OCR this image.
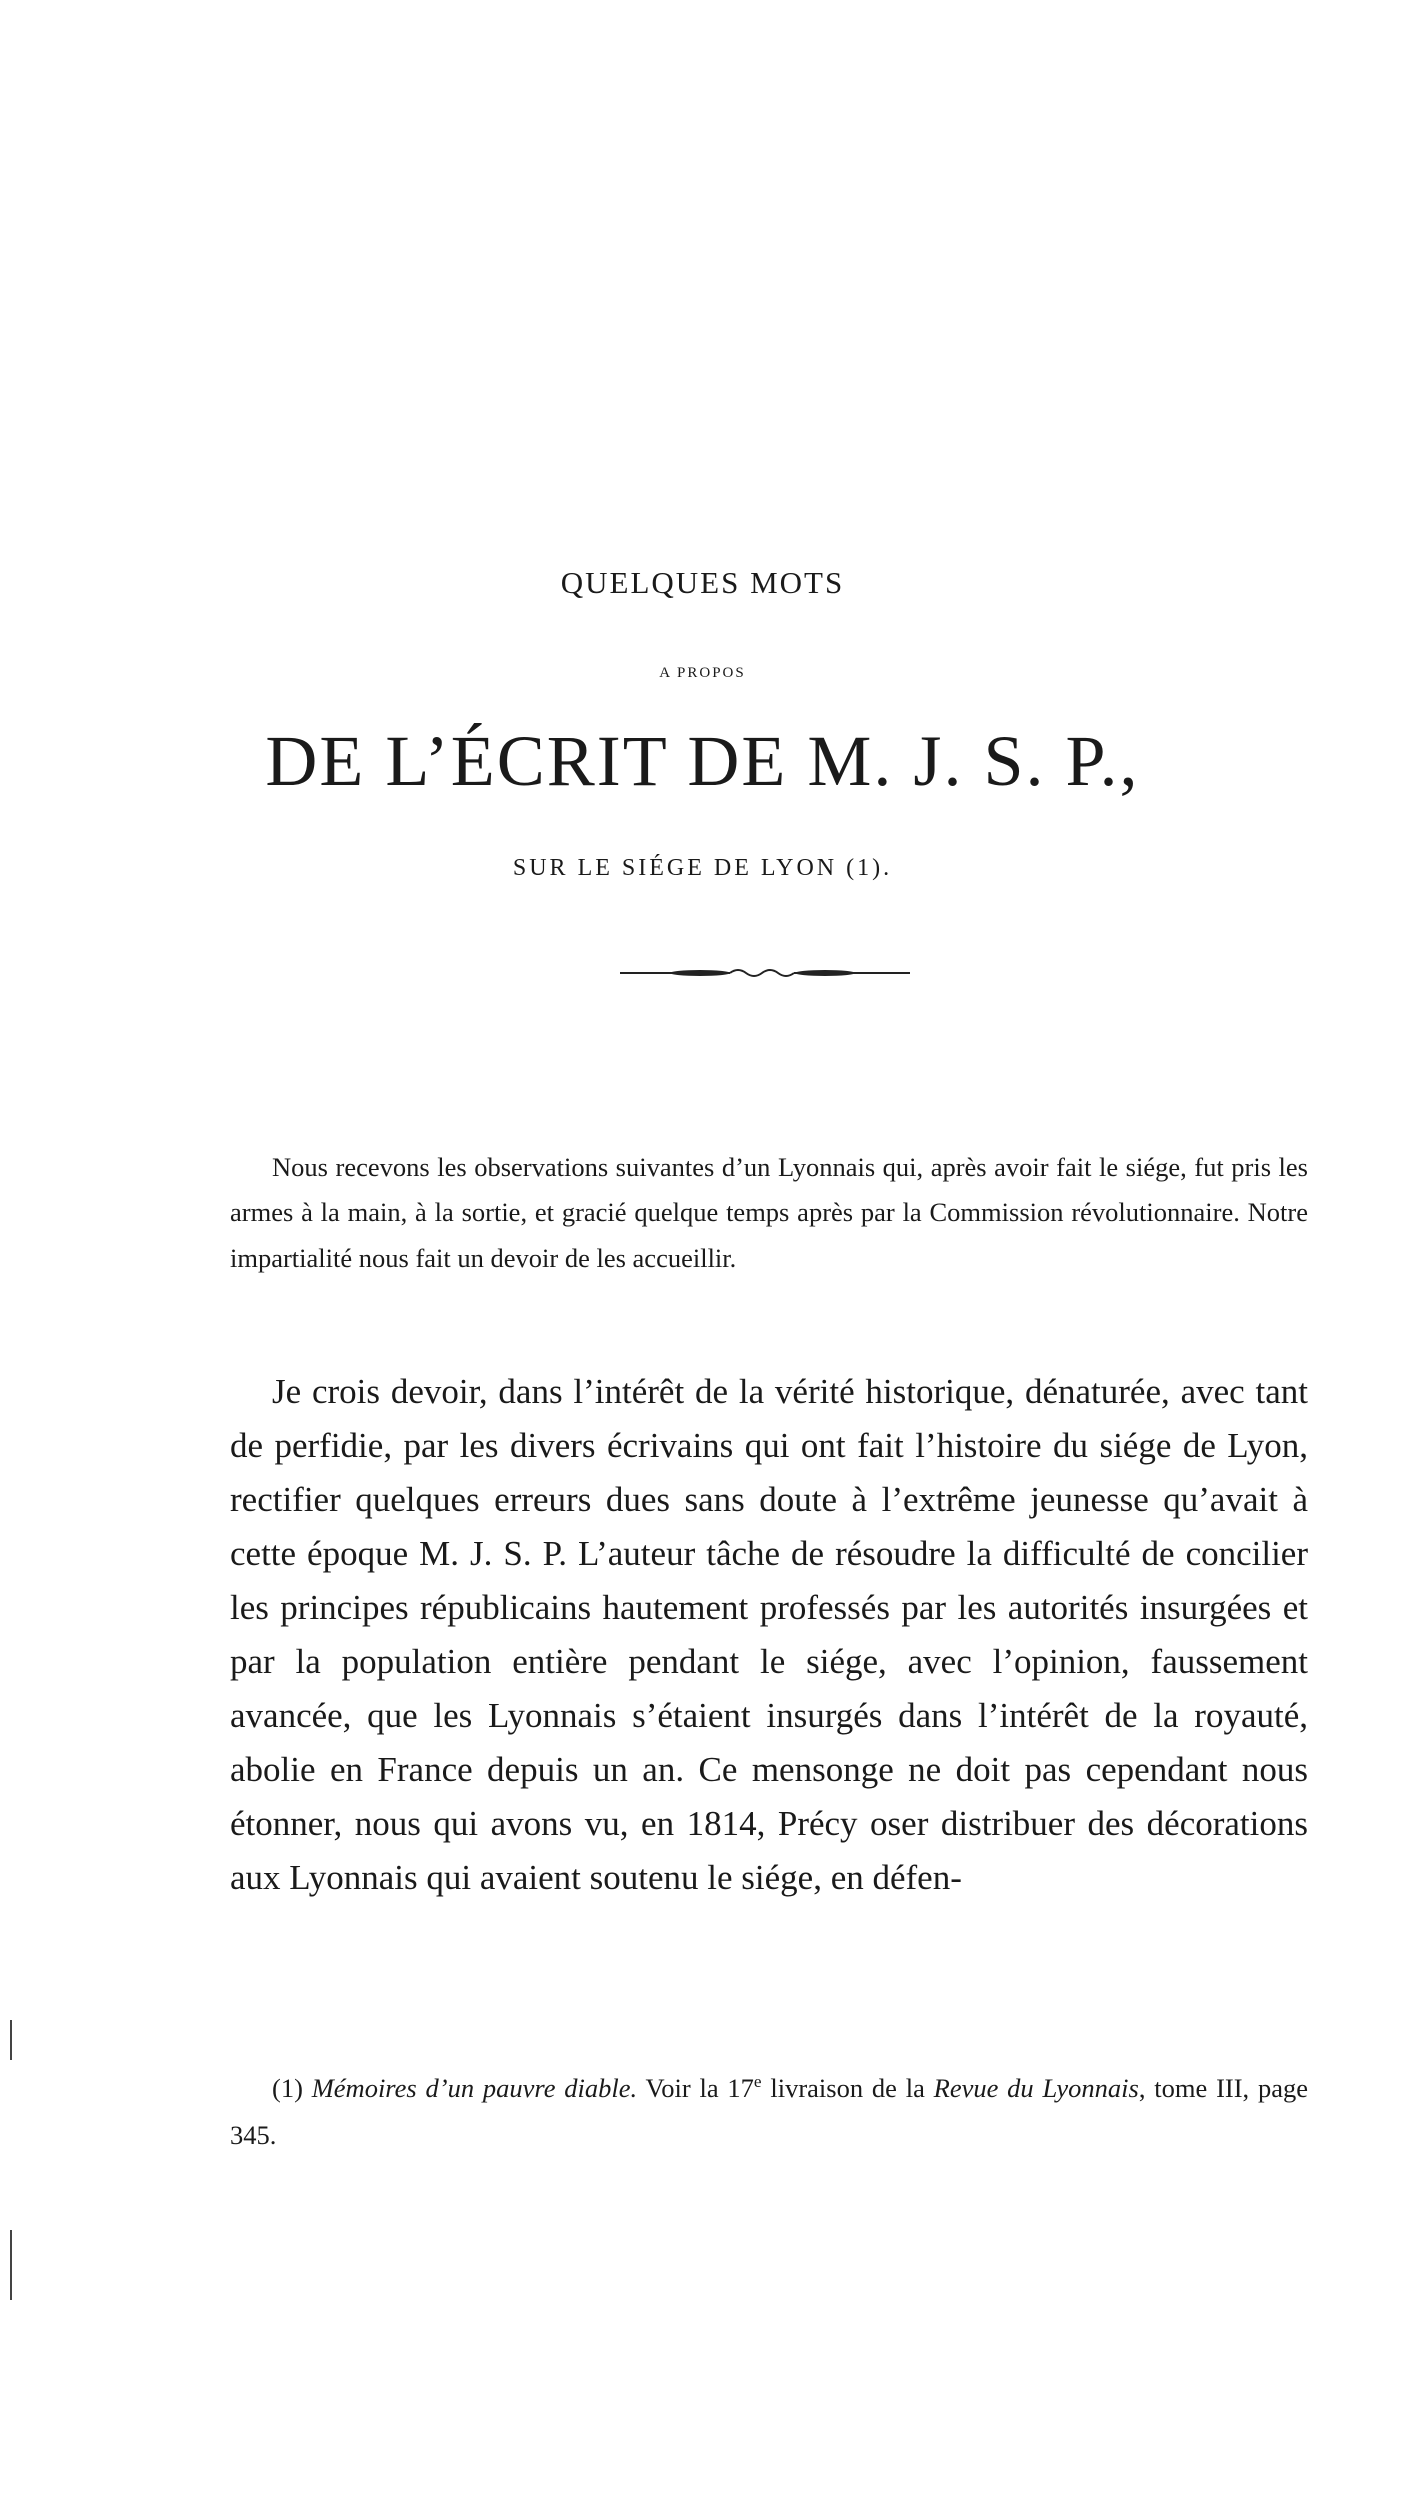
QUELQUES MOTS
A PROPOS
DE L’ÉCRIT DE M. J. S. P.,
SUR LE SIÉGE DE LYON (1).

Nous recevons les observations suivantes d’un Lyonnais qui, après avoir fait le siége, fut pris les armes à la main, à la sortie, et gracié quelque temps après par la Commission révolutionnaire. Notre impartialité nous fait un devoir de les accueillir.

Je crois devoir, dans l’intérêt de la vérité historique, dénaturée, avec tant de perfidie, par les divers écrivains qui ont fait l’histoire du siége de Lyon, rectifier quelques erreurs dues sans doute à l’extrême jeunesse qu’avait à cette époque M. J. S. P. L’auteur tâche de résoudre la difficulté de concilier les principes républicains hautement professés par les autorités insurgées et par la population entière pendant le siége, avec l’opinion, faussement avancée, que les Lyonnais s’étaient insurgés dans l’intérêt de la royauté, abolie en France depuis un an. Ce mensonge ne doit pas cependant nous étonner, nous qui avons vu, en 1814, Précy oser distribuer des décorations aux Lyonnais qui avaient soutenu le siége, en défen-

(1) Mémoires d’un pauvre diable. Voir la 17e livraison de la Revue du Lyonnais, tome III, page 345.
